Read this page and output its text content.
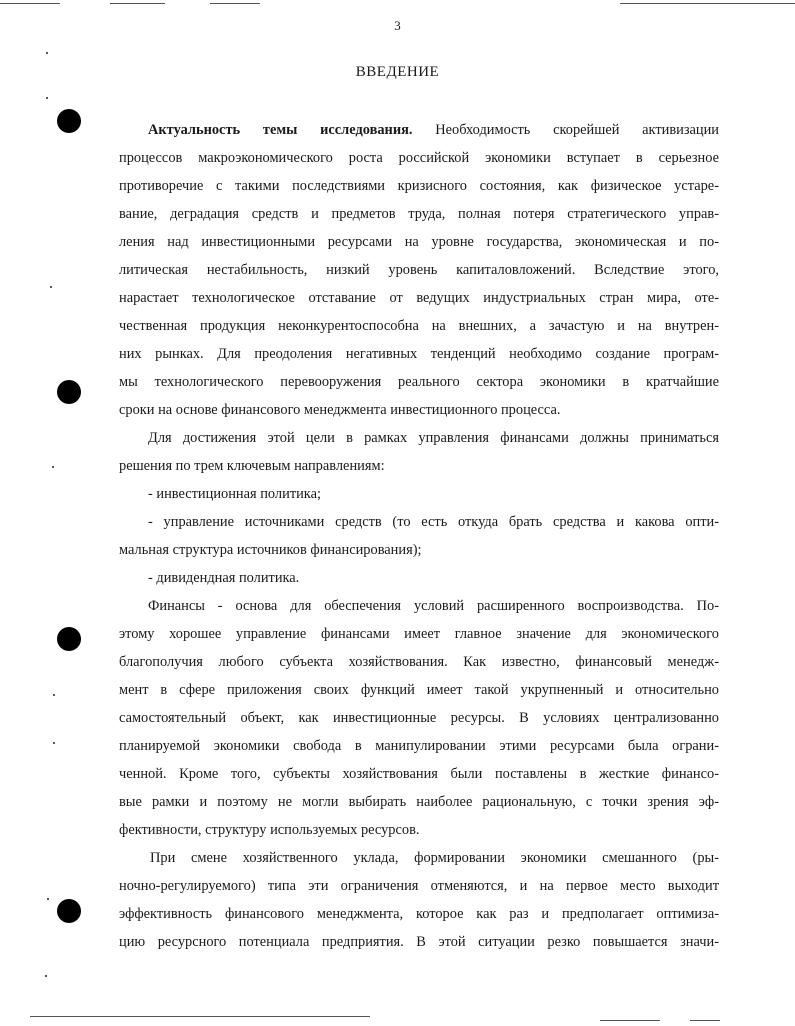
3
ВВЕДЕНИЕ
Актуальность темы исследования. Необходимость скорейшей активизации
процессов макроэкономического роста российской экономики вступает в серьезное
противоречие с такими последствиями кризисного состояния, как физическое устаре-
вание, деградация средств и предметов труда, полная потеря стратегического управ-
ления над инвестиционными ресурсами на уровне государства, экономическая и по-
литическая нестабильность, низкий уровень капиталовложений. Вследствие этого,
нарастает технологическое отставание от ведущих индустриальных стран мира, оте-
чественная продукция неконкурентоспособна на внешних, а зачастую и на внутрен-
них рынках. Для преодоления негативных тенденций необходимо создание програм-
мы технологического перевооружения реального сектора экономики в кратчайшие
сроки на основе финансового менеджмента инвестиционного процесса.
Для достижения этой цели в рамках управления финансами должны приниматься
решения по трем ключевым направлениям:
- инвестиционная политика;
- управление источниками средств (то есть откуда брать средства и какова опти-
мальная структура источников финансирования);
- дивидендная политика.
Финансы - основа для обеспечения условий расширенного воспроизводства. По-
этому хорошее управление финансами имеет главное значение для экономического
благополучия любого субъекта хозяйствования. Как известно, финансовый менедж-
мент в сфере приложения своих функций имеет такой укрупненный и относительно
самостоятельный объект, как инвестиционные ресурсы. В условиях централизованно
планируемой экономики свобода в манипулировании этими ресурсами была ограни-
ченной. Кроме того, субъекты хозяйствования были поставлены в жесткие финансо-
вые рамки и поэтому не могли выбирать наиболее рациональную, с точки зрения эф-
фективности, структуру используемых ресурсов.
При смене хозяйственного уклада, формировании экономики смешанного (ры-
ночно-регулируемого) типа эти ограничения отменяются, и на первое место выходит
эффективность финансового менеджмента, которое как раз и предполагает оптимиза-
цию ресурсного потенциала предприятия. В этой ситуации резко повышается значи-
